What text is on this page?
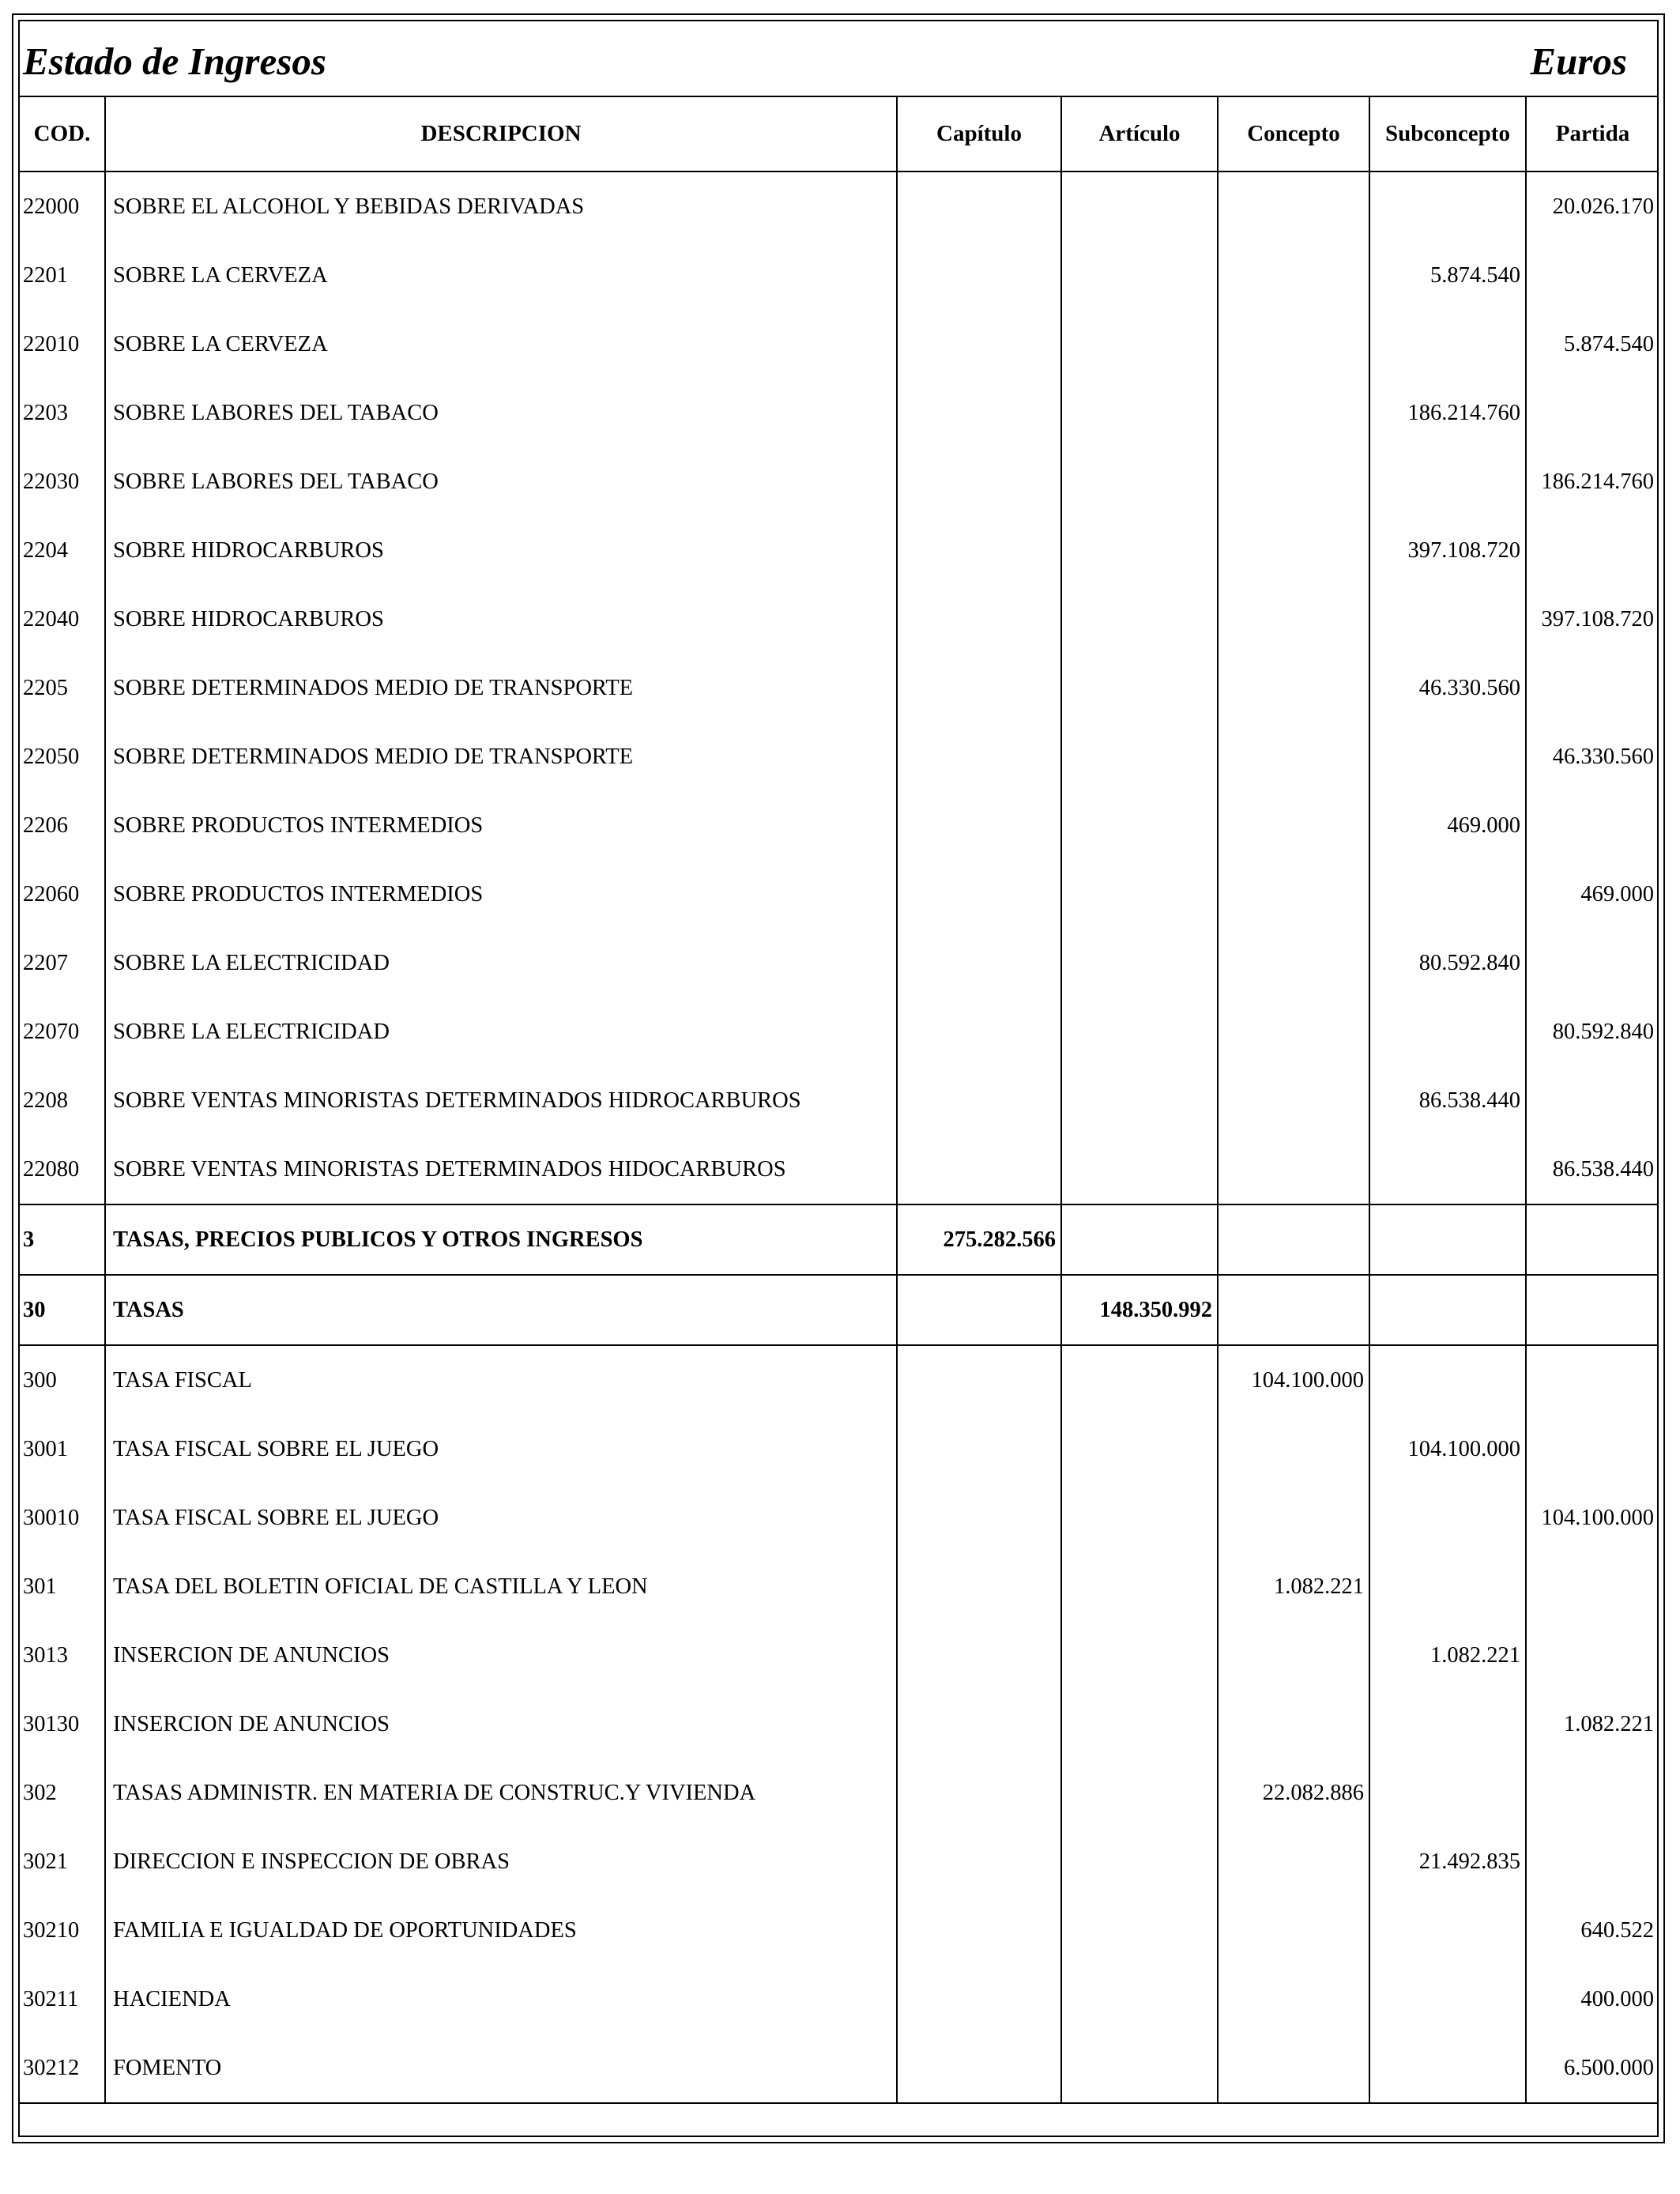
Estado de Ingresos	Euros
COD.	DESCRIPCION	Capítulo	Artículo	Concepto	Subconcepto	Partida
22000	SOBRE EL ALCOHOL Y BEBIDAS DERIVADAS					20.026.170
2201	SOBRE LA CERVEZA				5.874.540	
22010	SOBRE LA CERVEZA					5.874.540
2203	SOBRE LABORES DEL TABACO				186.214.760	
22030	SOBRE LABORES DEL TABACO					186.214.760
2204	SOBRE HIDROCARBUROS				397.108.720	
22040	SOBRE HIDROCARBUROS					397.108.720
2205	SOBRE DETERMINADOS MEDIO DE TRANSPORTE				46.330.560	
22050	SOBRE DETERMINADOS MEDIO DE TRANSPORTE					46.330.560
2206	SOBRE PRODUCTOS INTERMEDIOS				469.000	
22060	SOBRE PRODUCTOS INTERMEDIOS					469.000
2207	SOBRE LA ELECTRICIDAD				80.592.840	
22070	SOBRE LA ELECTRICIDAD					80.592.840
2208	SOBRE VENTAS MINORISTAS DETERMINADOS HIDROCARBUROS				86.538.440	
22080	SOBRE VENTAS MINORISTAS DETERMINADOS HIDOCARBUROS					86.538.440
3	TASAS, PRECIOS PUBLICOS Y OTROS INGRESOS	275.282.566				
30	TASAS		148.350.992			
300	TASA FISCAL			104.100.000		
3001	TASA FISCAL SOBRE EL JUEGO				104.100.000	
30010	TASA FISCAL SOBRE EL JUEGO					104.100.000
301	TASA DEL BOLETIN OFICIAL DE CASTILLA Y LEON			1.082.221		
3013	INSERCION DE ANUNCIOS				1.082.221	
30130	INSERCION DE ANUNCIOS					1.082.221
302	TASAS ADMINISTR. EN MATERIA DE CONSTRUC.Y VIVIENDA			22.082.886		
3021	DIRECCION E INSPECCION DE OBRAS				21.492.835	
30210	FAMILIA E IGUALDAD DE OPORTUNIDADES					640.522
30211	HACIENDA					400.000
30212	FOMENTO					6.500.000
